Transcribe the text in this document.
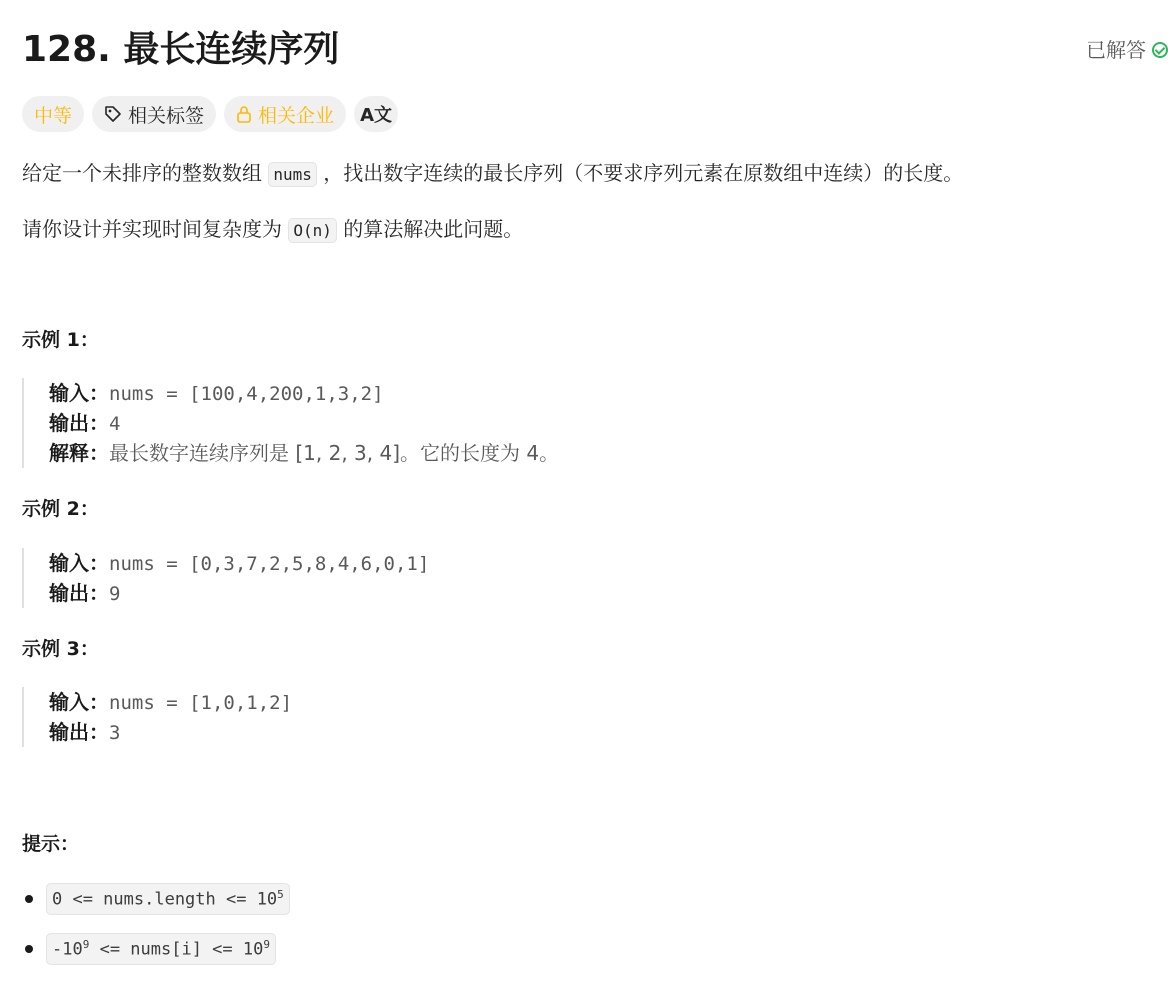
128. 最长连续序列	已解答
中等	相关标签	相关企业 A文
给定一个未排序的整数数组 nums ，找出数字连续的最长序列（不要求序列元素在原数组中连续）的长度。
请你设计并实现时间复杂度为 O(n) 的算法解决此问题。
示例 1：
输入：nums = [100,4,200,1,3,2]
输出：4
解释：最长数字连续序列是 [1, 2, 3, 4]。它的长度为 4。
示例 2：
输入：nums = [0,3,7,2,5,8,4,6,0,1]
输出：9
示例 3：
输入：nums = [1,0,1,2]
输出：3
提示：
0 <= nums.length <= $10^5$
$-10^9$ <= nums[i] <= $10^9$
